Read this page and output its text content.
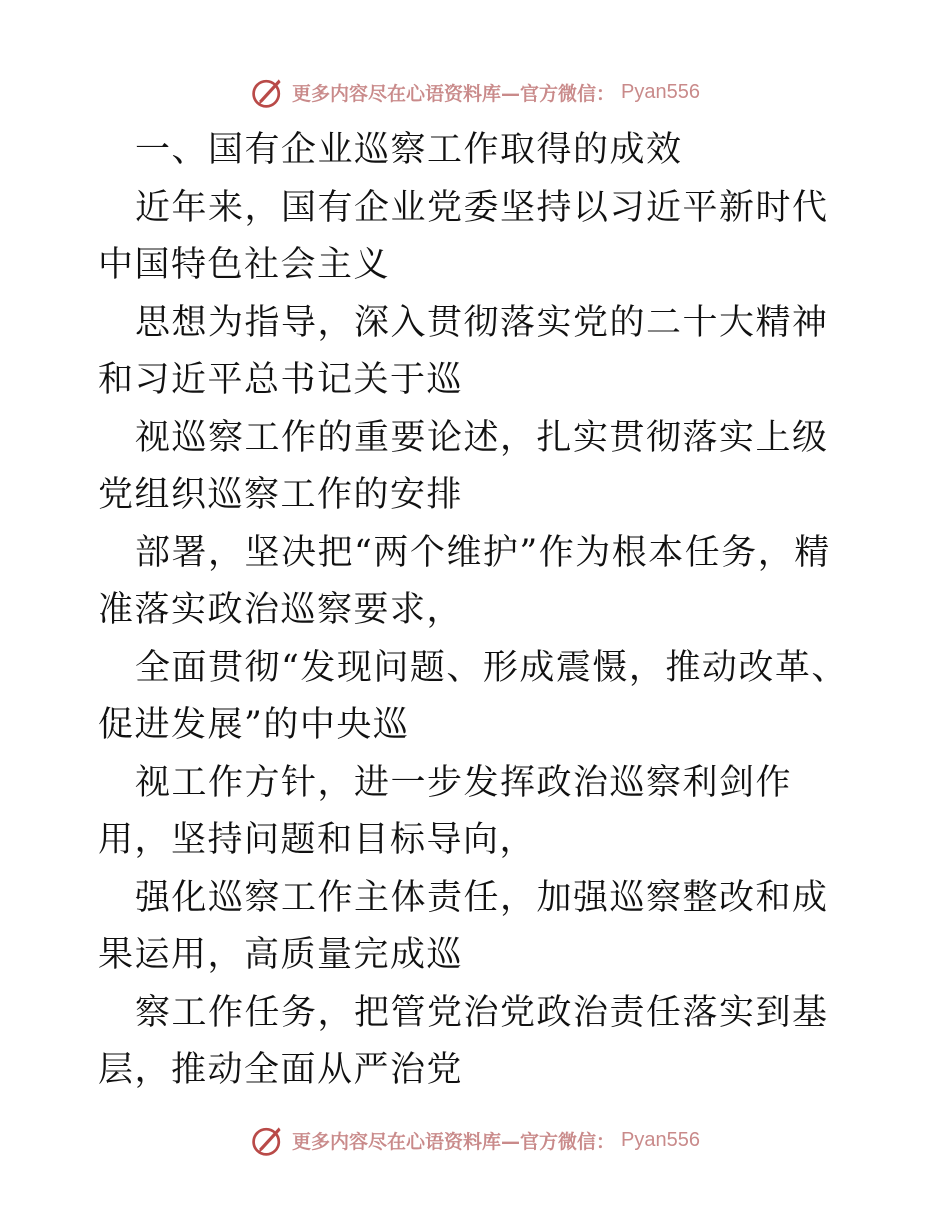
更多内容尽在心语资料库—官方微信： Pyan556

一、国有企业巡察工作取得的成效

近年来，国有企业党委坚持以习近平新时代中国特色社会主义

思想为指导，深入贯彻落实党的二十大精神和习近平总书记关于巡

视巡察工作的重要论述，扎实贯彻落实上级党组织巡察工作的安排

部署，坚决把“两个维护”作为根本任务，精准落实政治巡察要求，

全面贯彻“发现问题、形成震慑，推动改革、促进发展”的中央巡

视工作方针，进一步发挥政治巡察利剑作用，坚持问题和目标导向，

强化巡察工作主体责任，加强巡察整改和成果运用，高质量完成巡

察工作任务，把管党治党政治责任落实到基层，推动全面从严治党

更多内容尽在心语资料库—官方微信： Pyan556
